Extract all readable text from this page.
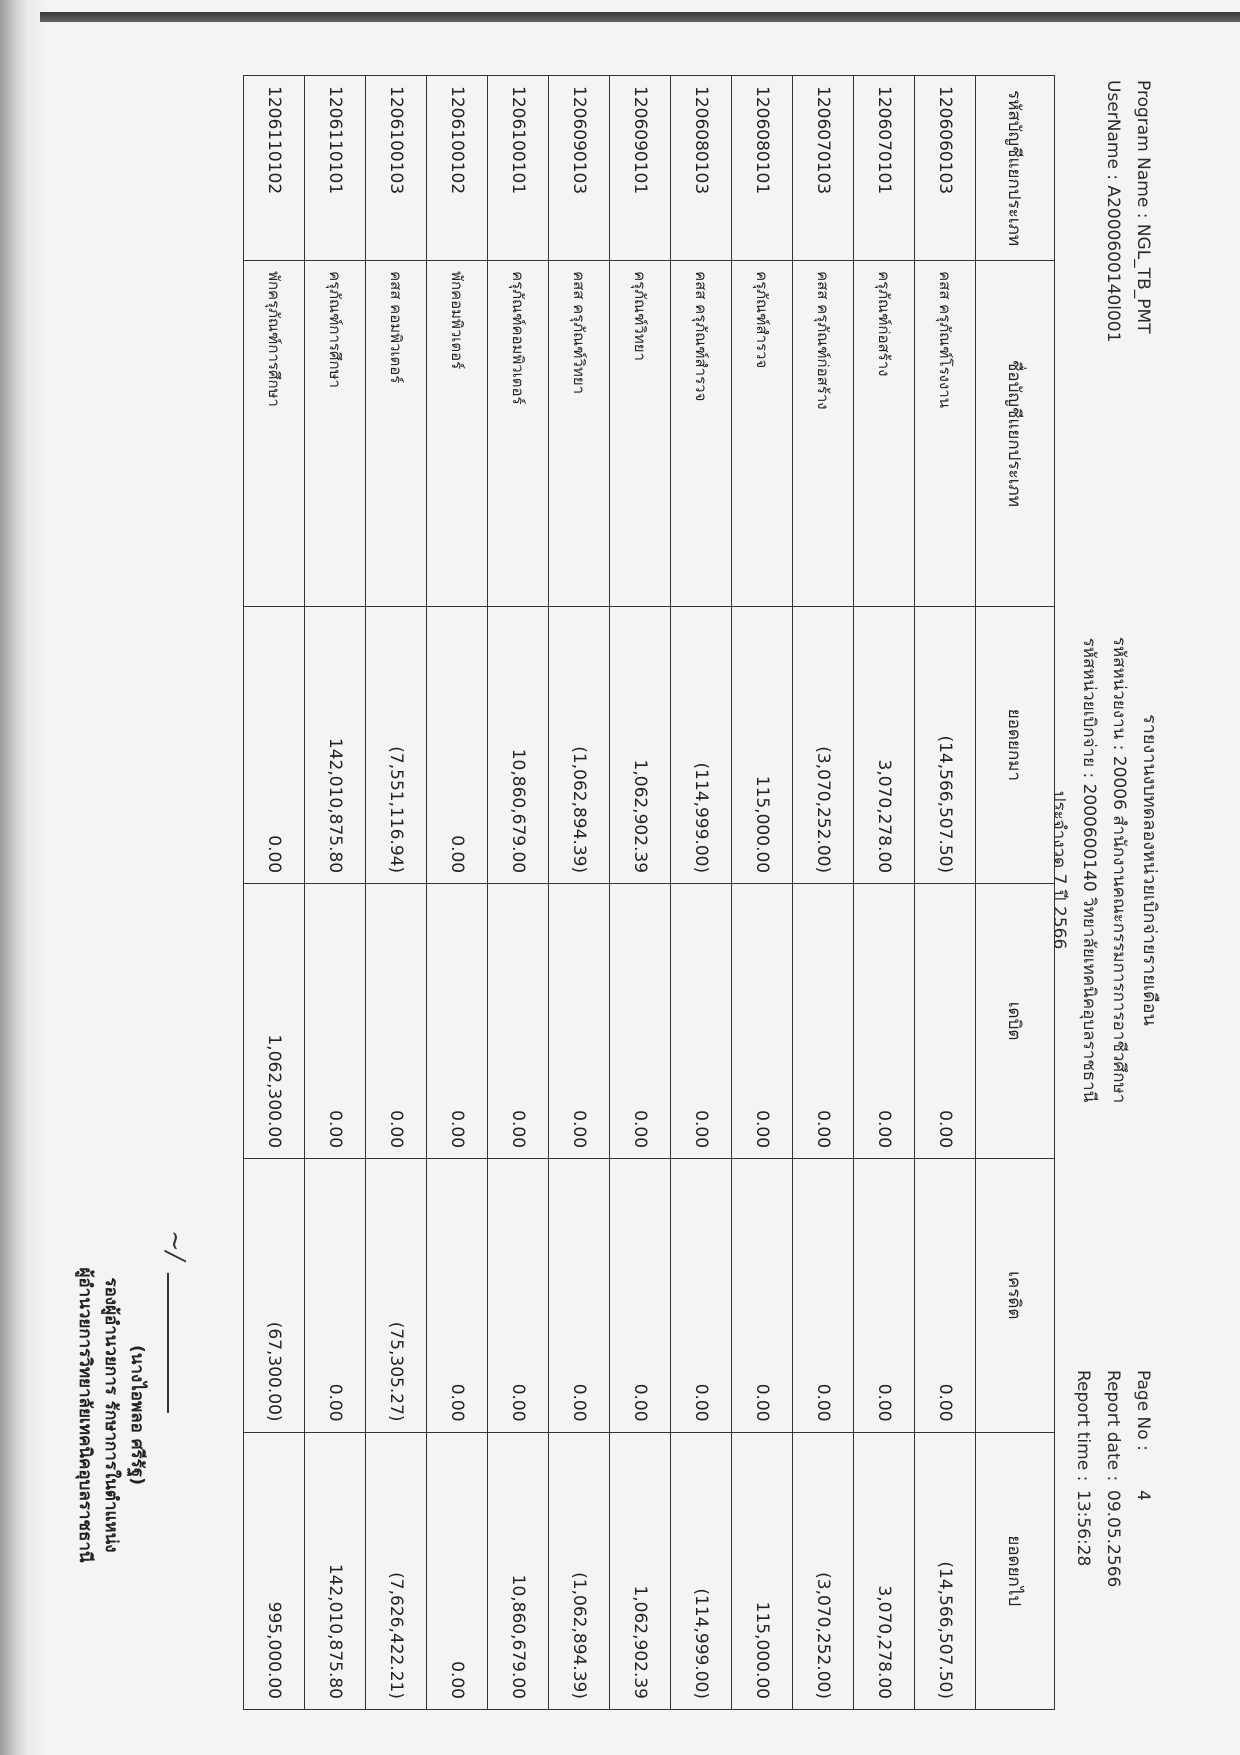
Program Name : NGL_TB_PMT
UserName : A2000600140l001
รายงานงบทดลองหน่วยเบิกจ่ายรายเดือน
รหัสหน่วยงาน : 20006 สำนักงานคณะกรรมการการอาชีวศึกษา
รหัสหน่วยเบิกจ่าย : 2000600140 วิทยาลัยเทคนิคอุบลราชธานี
ประจำงวด 7 ปี 2566
Page No :
4
Report date :
09.05.2566
Report time :
13:56:28
รหัสบัญชีแยกประเภท	ชื่อบัญชีแยกประเภท	ยอดยกมา	เดบิต	เครดิต	ยอดยกไป
1206060103	คสส ครุภัณฑ์โรงงาน	(14,566,507.50)	0.00	0.00	(14,566,507.50)
1206070101	ครุภัณฑ์ก่อสร้าง	3,070,278.00	0.00	0.00	3,070,278.00
1206070103	คสส ครุภัณฑ์ก่อสร้าง	(3,070,252.00)	0.00	0.00	(3,070,252.00)
1206080101	ครุภัณฑ์สำรวจ	115,000.00	0.00	0.00	115,000.00
1206080103	คสส ครุภัณฑ์สำรวจ	(114,999.00)	0.00	0.00	(114,999.00)
1206090101	ครุภัณฑ์วิทยา	1,062,902.39	0.00	0.00	1,062,902.39
1206090103	คสส ครุภัณฑ์วิทยา	(1,062,894.39)	0.00	0.00	(1,062,894.39)
1206100101	ครุภัณฑ์คอมพิวเตอร์	10,860,679.00	0.00	0.00	10,860,679.00
1206100102	พักคอมพิวเตอร์	0.00	0.00	0.00	0.00
1206100103	คสส คอมพิวเตอร์	(7,551,116.94)	0.00	(75,305.27)	(7,626,422.21)
1206110101	ครุภัณฑ์การศึกษา	142,010,875.80	0.00	0.00	142,010,875.80
1206110102	พักครุภัณฑ์การศึกษา	0.00	1,062,300.00	(67,300.00)	995,000.00
~/
(นางไอพลอ ศรีรัฐ)
รองผู้อำนวยการ รักษาการในตำแหน่ง
ผู้อำนวยการวิทยาลัยเทคนิคอุบลราชธานี
